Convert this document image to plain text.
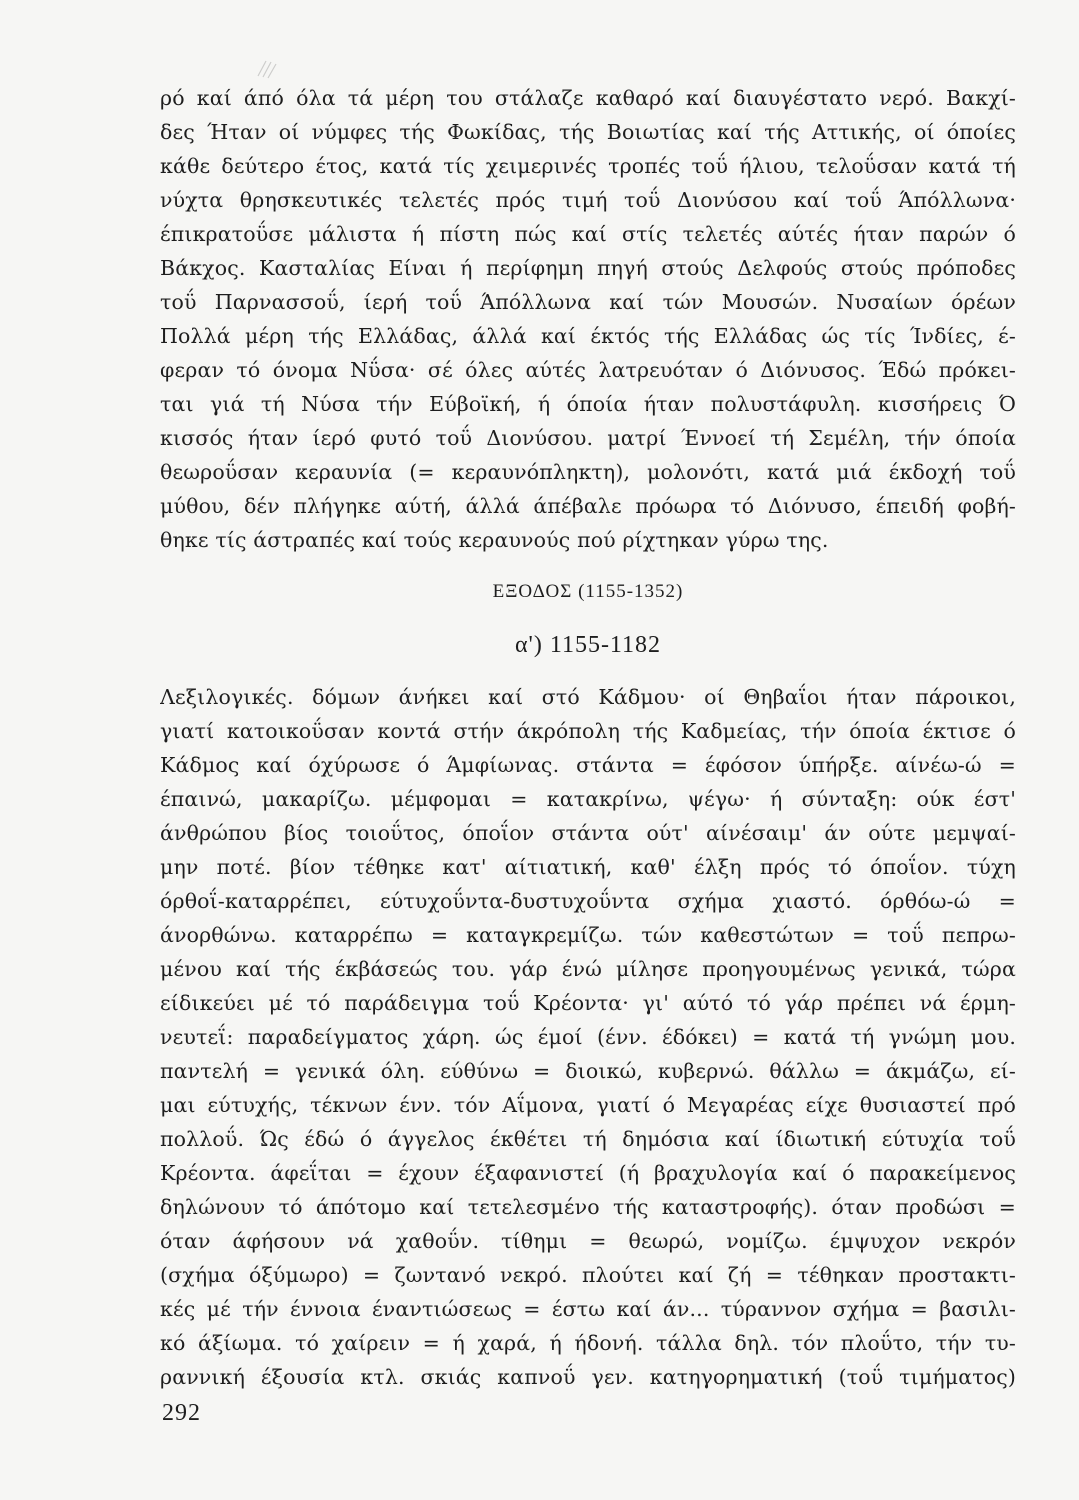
ρό καί άπό όλα τά μέρη του στάλαζε καθαρό καί διαυγέστατο νερό. Βακχί-
δες Ήταν οί νύμφες τής Φωκίδας, τής Βοιωτίας καί τής Αττικής, οί όποίες
κάθε δεύτερο έτος, κατά τίς χειμερινές τροπές τοΰ ήλιου, τελοΰσαν κατά τή
νύχτα θρησκευτικές τελετές πρός τιμή τοΰ Διονύσου καί τοΰ Άπόλλωνα·
έπικρατοΰσε μάλιστα ή πίστη πώς καί στίς τελετές αύτές ήταν παρών ό
Βάκχος. Κασταλίας Είναι ή περίφημη πηγή στούς Δελφούς στούς πρόποδες
τοΰ Παρνασσοΰ, ίερή τοΰ Άπόλλωνα καί τών Μουσών. Νυσαίων όρέων
Πολλά μέρη τής Ελλάδας, άλλά καί έκτός τής Ελλάδας ώς τίς Ίνδίες, έ-
φεραν τό όνομα Νΰσα· σέ όλες αύτές λατρευόταν ό Διόνυσος. Έδώ πρόκει-
ται γιά τή Νύσα τήν Εύβοϊκή, ή όποία ήταν πολυστάφυλη. κισσήρεις Ό
κισσός ήταν ίερό φυτό τοΰ Διονύσου. ματρί Έννοεί τή Σεμέλη, τήν όποία
θεωροΰσαν κεραυνία (= κεραυνόπληκτη), μολονότι, κατά μιά έκδοχή τοΰ
μύθου, δέν πλήγηκε αύτή, άλλά άπέβαλε πρόωρα τό Διόνυσο, έπειδή φοβή-
θηκε τίς άστραπές καί τούς κεραυνούς πού ρίχτηκαν γύρω της.
ΕΞΟΔΟΣ (1155-1352)
α') 1155-1182
Λεξιλογικές. δόμων άνήκει καί στό Κάδμου· οί Θηβαΐοι ήταν πάροικοι,
γιατί κατοικοΰσαν κοντά στήν άκρόπολη τής Καδμείας, τήν όποία έκτισε ό
Κάδμος καί όχύρωσε ό Άμφίωνας. στάντα = έφόσον ύπήρξε. αίνέω-ώ =
έπαινώ, μακαρίζω. μέμφομαι = κατακρίνω, ψέγω· ή σύνταξη: ούκ έστ'
άνθρώπου βίος τοιοΰτος, όποΐον στάντα ούτ' αίνέσαιμ' άν ούτε μεμψαί-
μην ποτέ. βίον τέθηκε κατ' αίτιατική, καθ' έλξη πρός τό όποΐον. τύχη
όρθοΐ-καταρρέπει, εύτυχοΰντα-δυστυχοΰντα σχήμα χιαστό. όρθόω-ώ =
άνορθώνω. καταρρέπω = καταγκρεμίζω. τών καθεστώτων = τοΰ πεπρω-
μένου καί τής έκβάσεώς του. γάρ ένώ μίλησε προηγουμένως γενικά, τώρα
είδικεύει μέ τό παράδειγμα τοΰ Κρέοντα· γι' αύτό τό γάρ πρέπει νά έρμη-
νευτεΐ: παραδείγματος χάρη. ώς έμοί (ένν. έδόκει) = κατά τή γνώμη μου.
παντελή = γενικά όλη. εύθύνω = διοικώ, κυβερνώ. θάλλω = άκμάζω, εί-
μαι εύτυχής, τέκνων ένν. τόν Αΐμονα, γιατί ό Μεγαρέας είχε θυσιαστεί πρό
πολλοΰ. Ώς έδώ ό άγγελος έκθέτει τή δημόσια καί ίδιωτική εύτυχία τοΰ
Κρέοντα. άφεΐται = έχουν έξαφανιστεί (ή βραχυλογία καί ό παρακείμενος
δηλώνουν τό άπότομο καί τετελεσμένο τής καταστροφής). όταν προδώσι =
όταν άφήσουν νά χαθοΰν. τίθημι = θεωρώ, νομίζω. έμψυχον νεκρόν
(σχήμα όξύμωρο) = ζωντανό νεκρό. πλούτει καί ζή = τέθηκαν προστακτι-
κές μέ τήν έννοια έναντιώσεως = έστω καί άν... τύραννον σχήμα = βασιλι-
κό άξίωμα. τό χαίρειν = ή χαρά, ή ήδονή. τάλλα δηλ. τόν πλοΰτο, τήν τυ-
ραννική έξουσία κτλ. σκιάς καπνοΰ γεν. κατηγορηματική (τοΰ τιμήματος)
292
